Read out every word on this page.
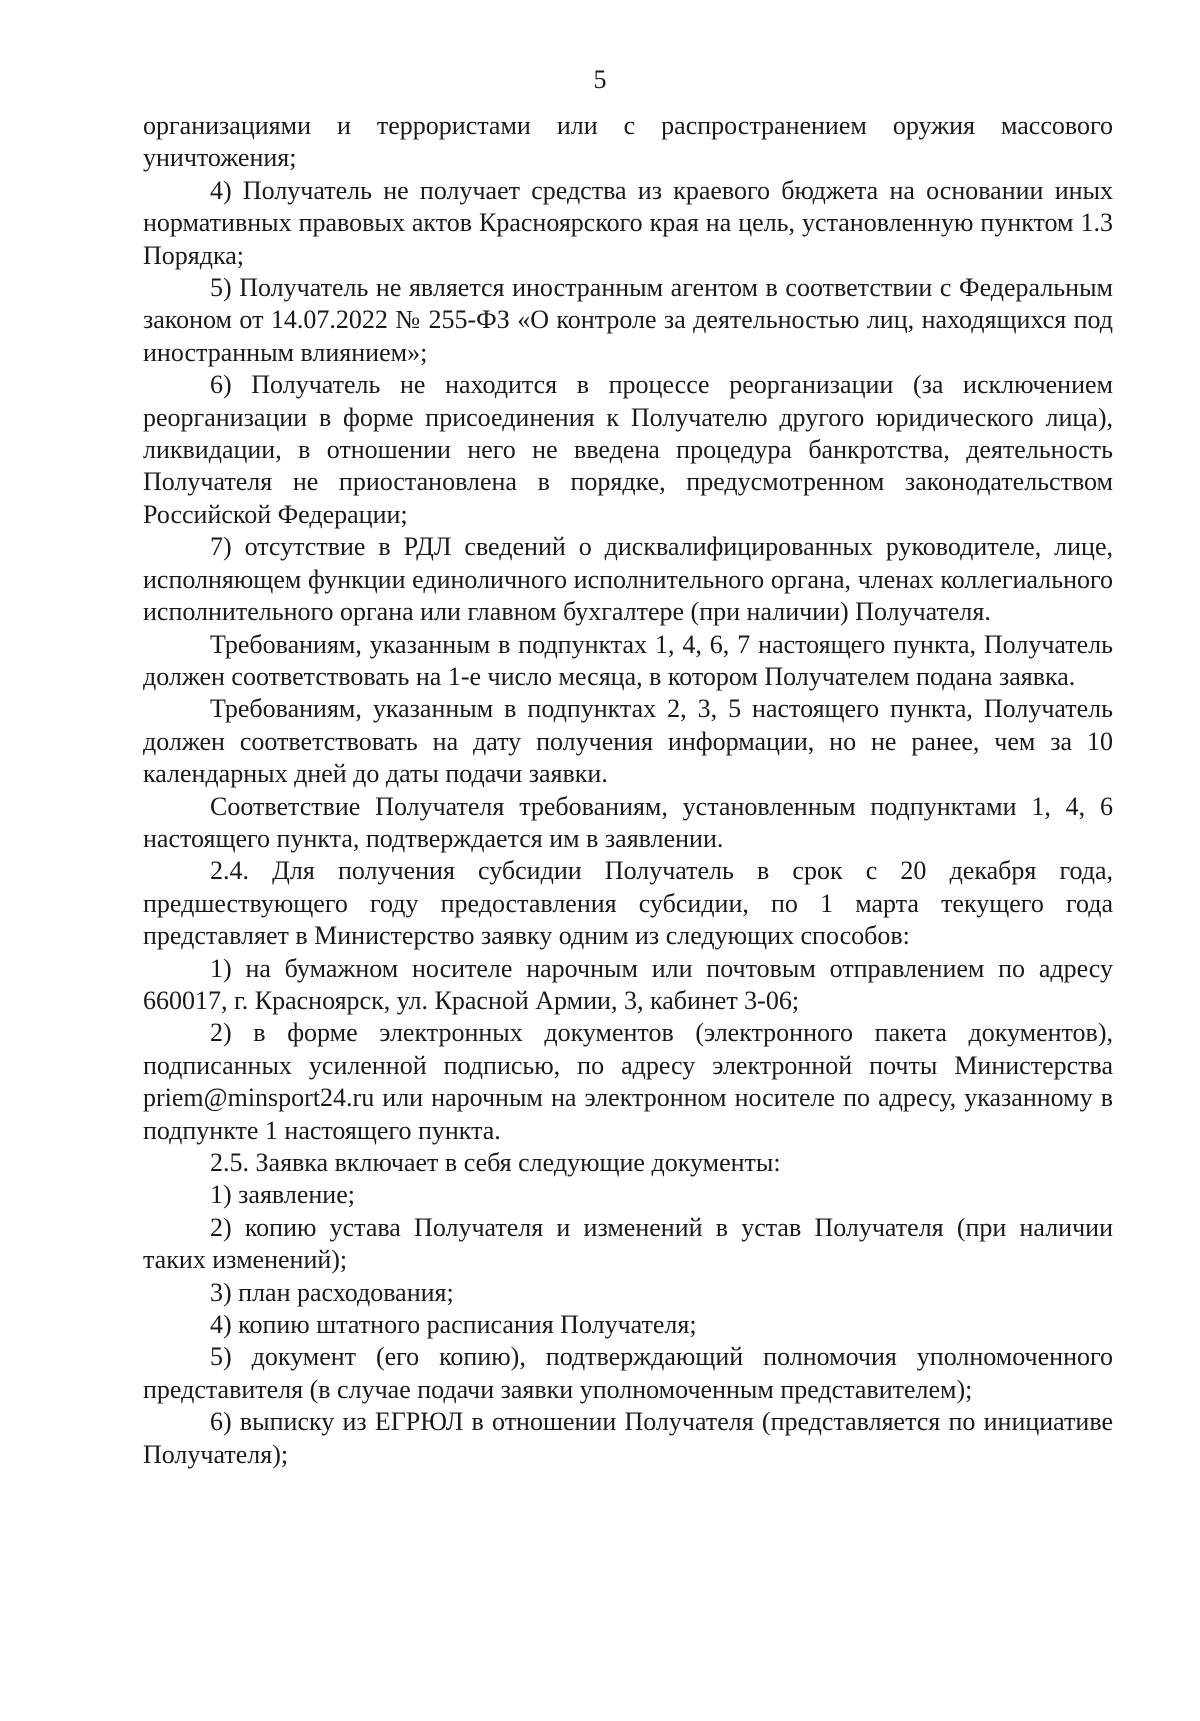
5

организациями и террористами или с распространением оружия массового уничтожения;

4) Получатель не получает средства из краевого бюджета на основании иных нормативных правовых актов Красноярского края на цель, установленную пунктом 1.3 Порядка;

5) Получатель не является иностранным агентом в соответствии с Федеральным законом от 14.07.2022 № 255-ФЗ «О контроле за деятельностью лиц, находящихся под иностранным влиянием»;

6) Получатель не находится в процессе реорганизации (за исключением реорганизации в форме присоединения к Получателю другого юридического лица), ликвидации, в отношении него не введена процедура банкротства, деятельность Получателя не приостановлена в порядке, предусмотренном законодательством Российской Федерации;

7) отсутствие в РДЛ сведений о дисквалифицированных руководителе, лице, исполняющем функции единоличного исполнительного органа, членах коллегиального исполнительного органа или главном бухгалтере (при наличии) Получателя.

Требованиям, указанным в подпунктах 1, 4, 6, 7 настоящего пункта, Получатель должен соответствовать на 1-е число месяца, в котором Получателем подана заявка.

Требованиям, указанным в подпунктах 2, 3, 5 настоящего пункта, Получатель должен соответствовать на дату получения информации, но не ранее, чем за 10 календарных дней до даты подачи заявки.

Соответствие Получателя требованиям, установленным подпунктами 1, 4, 6 настоящего пункта, подтверждается им в заявлении.

2.4. Для получения субсидии Получатель в срок с 20 декабря года, предшествующего году предоставления субсидии, по 1 марта текущего года представляет в Министерство заявку одним из следующих способов:

1) на бумажном носителе нарочным или почтовым отправлением по адресу 660017, г. Красноярск, ул. Красной Армии, 3, кабинет 3-06;

2) в форме электронных документов (электронного пакета документов), подписанных усиленной подписью, по адресу электронной почты Министерства priem@minsport24.ru или нарочным на электронном носителе по адресу, указанному в подпункте 1 настоящего пункта.

2.5. Заявка включает в себя следующие документы:

1) заявление;

2) копию устава Получателя и изменений в устав Получателя (при наличии таких изменений);

3) план расходования;

4) копию штатного расписания Получателя;

5) документ (его копию), подтверждающий полномочия уполномоченного представителя (в случае подачи заявки уполномоченным представителем);

6) выписку из ЕГРЮЛ в отношении Получателя (представляется по инициативе Получателя);
